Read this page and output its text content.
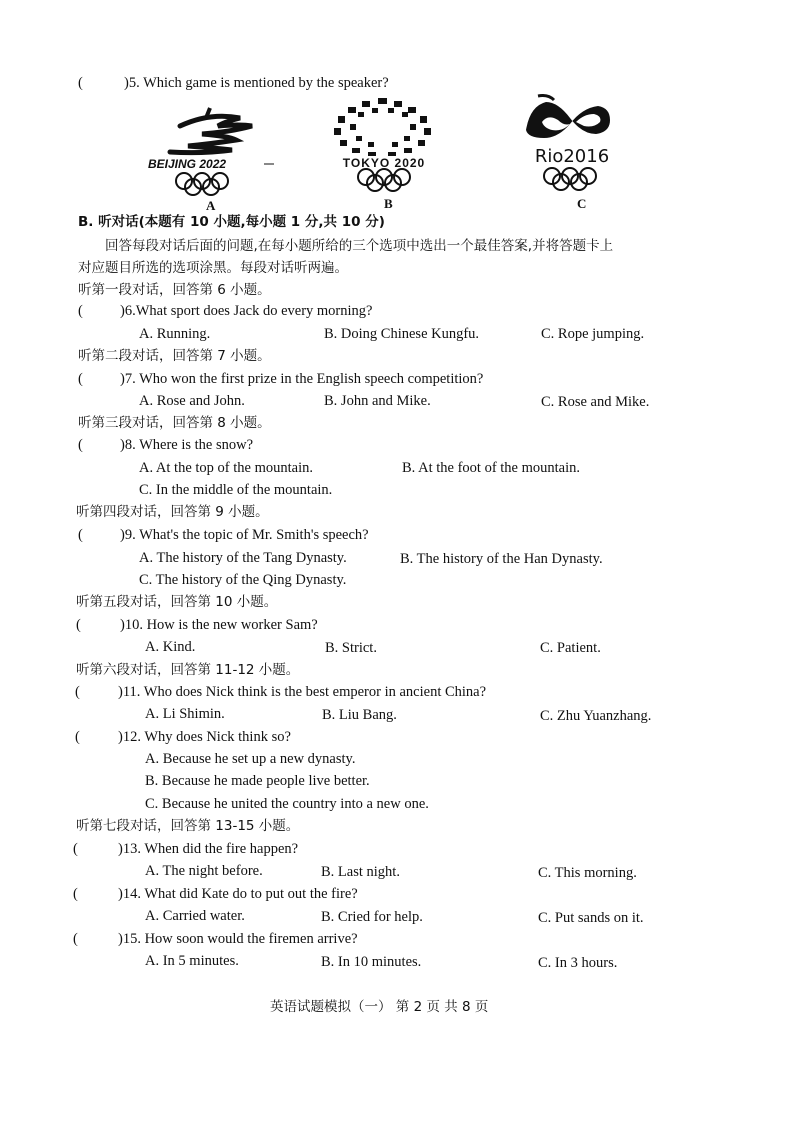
(	)5. Which game is mentioned by the speaker?
BEIJING 2022
A
TOKYO 2020
B
Rio2016
C
B. 听对话(本题有 10 小题,每小题 1 分,共 10 分)
回答每段对话后面的问题,在每小题所给的三个选项中选出一个最佳答案,并将答题卡上
对应题目所选的选项涂黑。每段对话听两遍。
听第一段对话，回答第 6 小题。
(	)6.What sport does Jack do every morning?
A. Running.	B. Doing Chinese Kungfu.	C. Rope jumping.
听第二段对话，回答第 7 小题。
(	)7. Who won the first prize in the English speech competition?
A. Rose and John.	B. John and Mike.	C. Rose and Mike.
听第三段对话，回答第 8 小题。
(	)8. Where is the snow?
A. At the top of the mountain.	B. At the foot of the mountain.
C. In the middle of the mountain.
听第四段对话，回答第 9 小题。
(	)9. What's the topic of Mr. Smith's speech?
A. The history of the Tang Dynasty.	B. The history of the Han Dynasty.
C. The history of the Qing Dynasty.
听第五段对话，回答第 10 小题。
(	)10. How is the new worker Sam?
A. Kind.	B. Strict.	C. Patient.
听第六段对话，回答第 11-12 小题。
(	)11. Who does Nick think is the best emperor in ancient China?
A. Li Shimin.	B. Liu Bang.	C. Zhu Yuanzhang.
(	)12. Why does Nick think so?
A. Because he set up a new dynasty.
B. Because he made people live better.
C. Because he united the country into a new one.
听第七段对话，回答第 13-15 小题。
(	)13. When did the fire happen?
A. The night before.	B. Last night.	C. This morning.
(	)14. What did Kate do to put out the fire?
A. Carried water.	B. Cried for help.	C. Put sands on it.
(	)15. How soon would the firemen arrive?
A. In 5 minutes.	B. In 10 minutes.	C. In 3 hours.
英语试题模拟（一） 第 2 页 共 8 页
